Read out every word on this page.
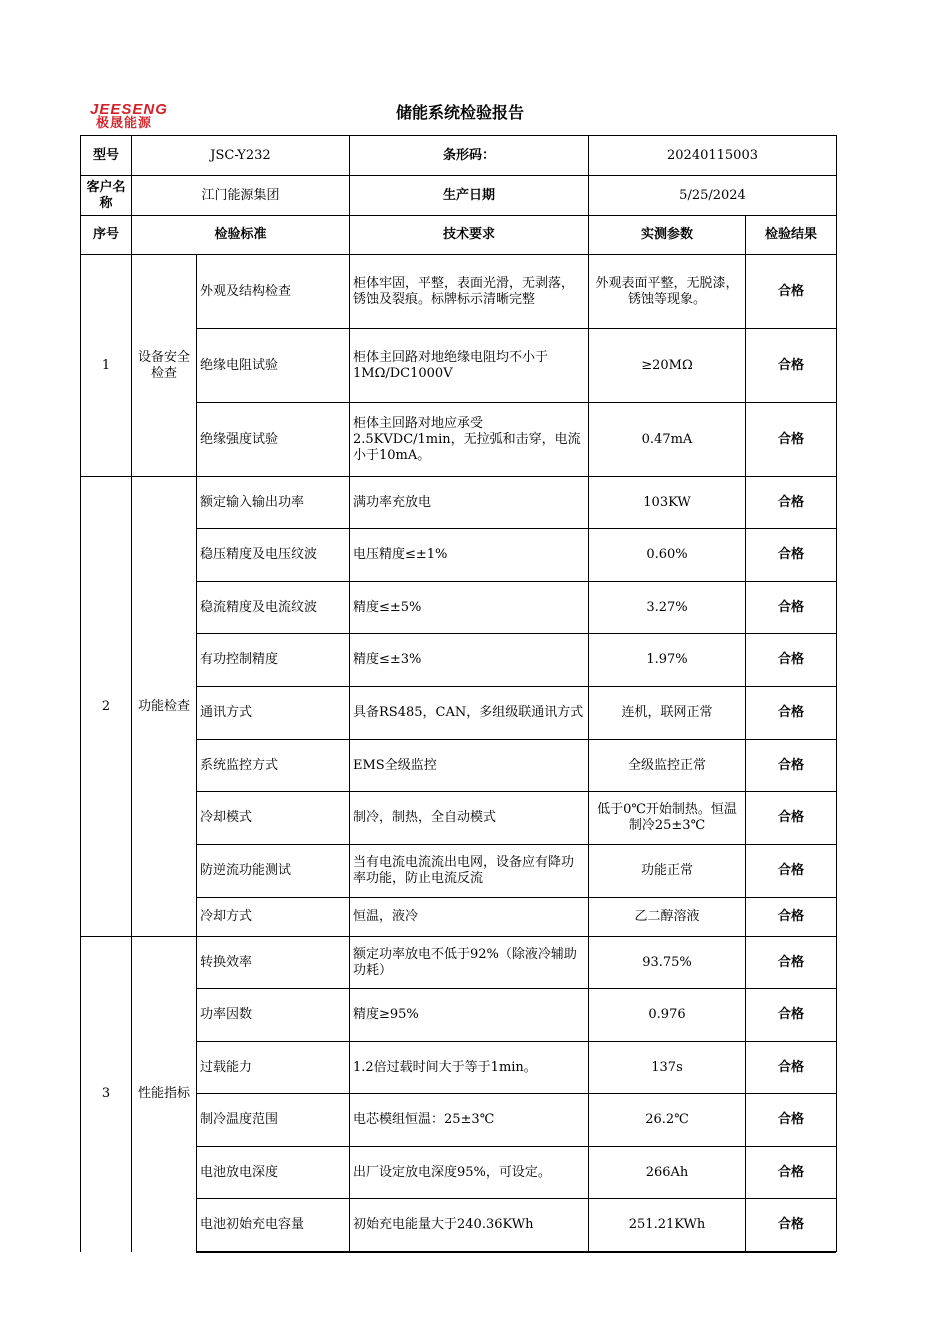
JEESENG
极晟能源
储能系统检验报告
型号	JSC-Y232		条形码：	20240115003	
客户名称	江门能源集团		生产日期	5/25/2024	
序号	检验标准		技术要求	实测参数	检验结果
1	设备安全检查	外观及结构检查	柜体牢固，平整，表面光滑，无剥落，锈蚀及裂痕。标牌标示清晰完整	外观表面平整，无脱漆，锈蚀等现象。	合格
		绝缘电阻试验	柜体主回路对地绝缘电阻均不小于1MΩ/DC1000V	≥20MΩ	合格
		绝缘强度试验	柜体主回路对地应承受2.5KVDC/1min，无拉弧和击穿，电流小于10mA。	0.47mA	合格
2	功能检查	额定输入输出功率	满功率充放电	103KW	合格
		稳压精度及电压纹波	电压精度≤±1%	0.60%	合格
		稳流精度及电流纹波	精度≤±5%	3.27%	合格
		有功控制精度	精度≤±3%	1.97%	合格
		通讯方式	具备RS485，CAN，多组级联通讯方式	连机，联网正常	合格
		系统监控方式	EMS全级监控	全级监控正常	合格
		冷却模式	制冷，制热，全自动模式	低于0℃开始制热。恒温制冷25±3℃	合格
		防逆流功能测试	当有电流电流流出电网，设备应有降功率功能，防止电流反流	功能正常	合格
		冷却方式	恒温，液冷	乙二醇溶液	合格
3	性能指标	转换效率	额定功率放电不低于92%（除液冷辅助功耗）	93.75%	合格
		功率因数	精度≥95%	0.976	合格
		过载能力	1.2倍过载时间大于等于1min。	137s	合格
		制冷温度范围	电芯模组恒温：25±3℃	26.2℃	合格
		电池放电深度	出厂设定放电深度95%，可设定。	266Ah	合格
		电池初始充电容量	初始充电能量大于240.36KWh	251.21KWh	合格
